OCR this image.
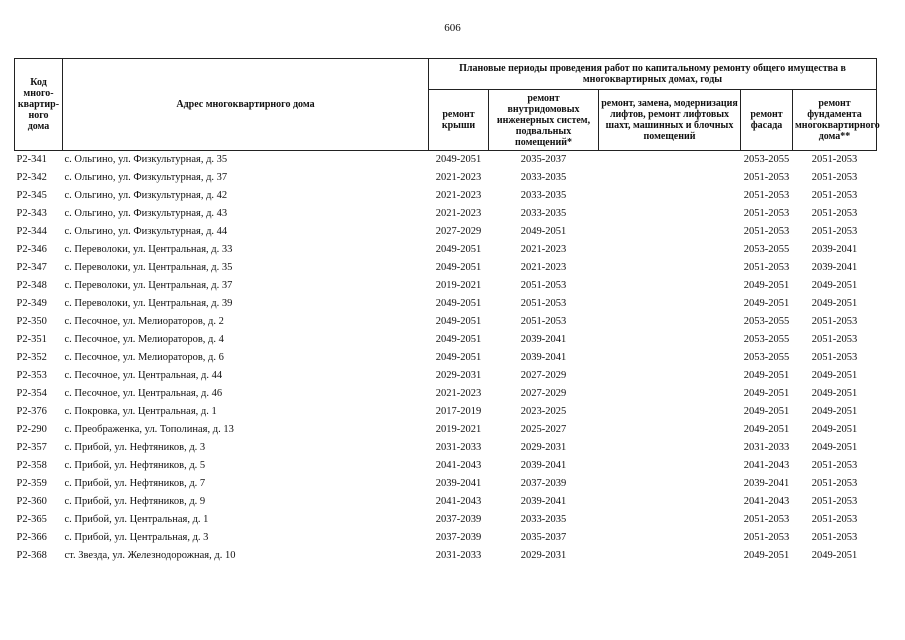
606
Код много-квартир-ного дома	Адрес многоквартирного дома	Плановые периоды проведения работ по капитальному ремонту общего имущества в многоквартирных домах, годы				
		ремонт крыши	ремонт внутридомовых инженерных систем, подвальных помещений*	ремонт, замена, модернизация лифтов, ремонт лифтовых шахт, машинных и блочных помещений	ремонт фасада	ремонт фундамента многоквартирного дома**
Р2-341	с. Ольгино, ул. Физкультурная, д. 35	2049-2051	2035-2037		2053-2055	2051-2053
Р2-342	с. Ольгино, ул. Физкультурная, д. 37	2021-2023	2033-2035		2051-2053	2051-2053
Р2-345	с. Ольгино, ул. Физкультурная, д. 42	2021-2023	2033-2035		2051-2053	2051-2053
Р2-343	с. Ольгино, ул. Физкультурная, д. 43	2021-2023	2033-2035		2051-2053	2051-2053
Р2-344	с. Ольгино, ул. Физкультурная, д. 44	2027-2029	2049-2051		2051-2053	2051-2053
Р2-346	с. Переволоки, ул. Центральная, д. 33	2049-2051	2021-2023		2053-2055	2039-2041
Р2-347	с. Переволоки, ул. Центральная, д. 35	2049-2051	2021-2023		2051-2053	2039-2041
Р2-348	с. Переволоки, ул. Центральная, д. 37	2019-2021	2051-2053		2049-2051	2049-2051
Р2-349	с. Переволоки, ул. Центральная, д. 39	2049-2051	2051-2053		2049-2051	2049-2051
Р2-350	с. Песочное, ул. Мелиораторов, д. 2	2049-2051	2051-2053		2053-2055	2051-2053
Р2-351	с. Песочное, ул. Мелиораторов, д. 4	2049-2051	2039-2041		2053-2055	2051-2053
Р2-352	с. Песочное, ул. Мелиораторов, д. 6	2049-2051	2039-2041		2053-2055	2051-2053
Р2-353	с. Песочное, ул. Центральная, д. 44	2029-2031	2027-2029		2049-2051	2049-2051
Р2-354	с. Песочное, ул. Центральная, д. 46	2021-2023	2027-2029		2049-2051	2049-2051
Р2-376	с. Покровка, ул. Центральная, д. 1	2017-2019	2023-2025		2049-2051	2049-2051
Р2-290	с. Преображенка, ул. Тополиная, д. 13	2019-2021	2025-2027		2049-2051	2049-2051
Р2-357	с. Прибой, ул. Нефтяников, д. 3	2031-2033	2029-2031		2031-2033	2049-2051
Р2-358	с. Прибой, ул. Нефтяников, д. 5	2041-2043	2039-2041		2041-2043	2051-2053
Р2-359	с. Прибой, ул. Нефтяников, д. 7	2039-2041	2037-2039		2039-2041	2051-2053
Р2-360	с. Прибой, ул. Нефтяников, д. 9	2041-2043	2039-2041		2041-2043	2051-2053
Р2-365	с. Прибой, ул. Центральная, д. 1	2037-2039	2033-2035		2051-2053	2051-2053
Р2-366	с. Прибой, ул. Центральная, д. 3	2037-2039	2035-2037		2051-2053	2051-2053
Р2-368	ст. Звезда, ул. Железнодорожная, д. 10	2031-2033	2029-2031		2049-2051	2049-2051
